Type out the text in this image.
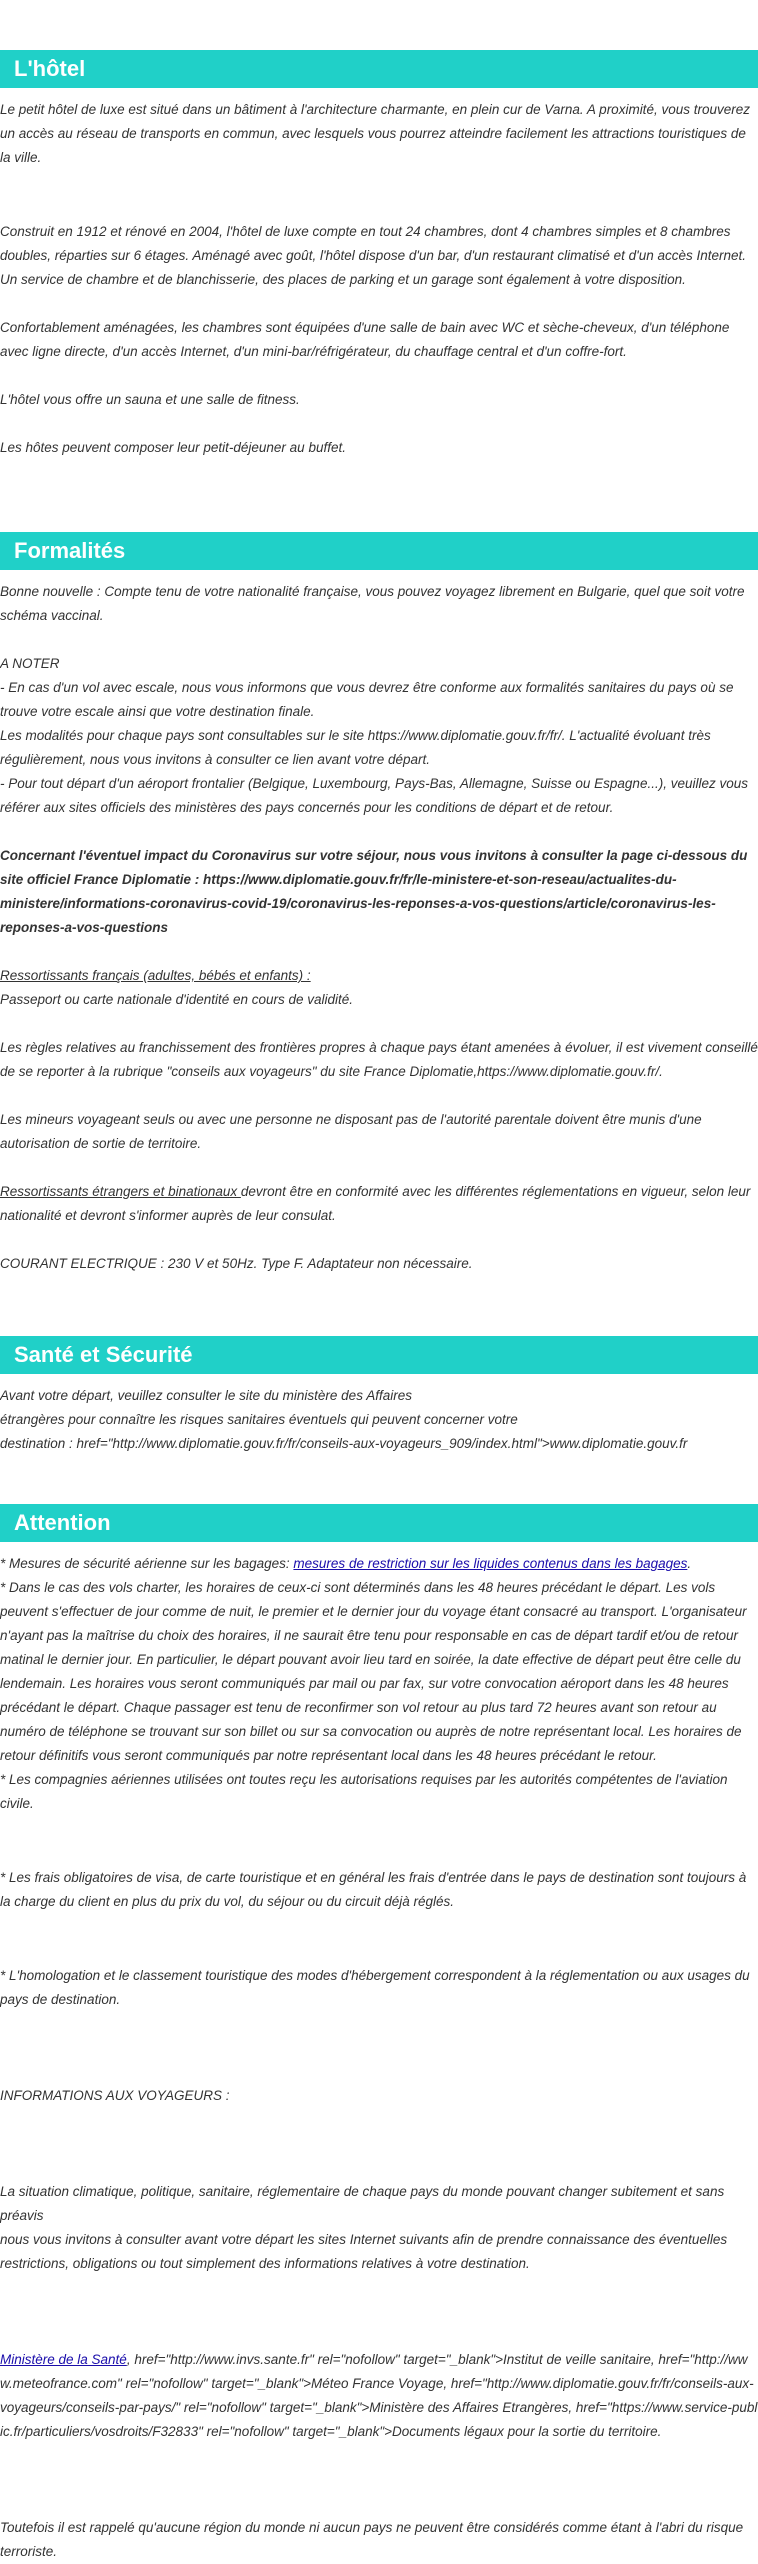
L'hôtel

Le petit hôtel de luxe est situé dans un bâtiment à l'architecture charmante, en plein cur de Varna. A proximité, vous trouverez un accès au réseau de transports en commun, avec lesquels vous pourrez atteindre facilement les attractions touristiques de la ville.

Construit en 1912 et rénové en 2004, l'hôtel de luxe compte en tout 24 chambres, dont 4 chambres simples et 8 chambres doubles, réparties sur 6 étages. Aménagé avec goût, l'hôtel dispose d'un bar, d'un restaurant climatisé et d'un accès Internet. Un service de chambre et de blanchisserie, des places de parking et un garage sont également à votre disposition.

Confortablement aménagées, les chambres sont équipées d'une salle de bain avec WC et sèche-cheveux, d'un téléphone avec ligne directe, d'un accès Internet, d'un mini-bar/réfrigérateur, du chauffage central et d'un coffre-fort.

L'hôtel vous offre un sauna et une salle de fitness.

Les hôtes peuvent composer leur petit-déjeuner au buffet.

Formalités

Bonne nouvelle : Compte tenu de votre nationalité française, vous pouvez voyagez librement en Bulgarie, quel que soit votre schéma vaccinal.

A NOTER
- En cas d'un vol avec escale, nous vous informons que vous devrez être conforme aux formalités sanitaires du pays où se trouve votre escale ainsi que votre destination finale.
Les modalités pour chaque pays sont consultables sur le site https://www.diplomatie.gouv.fr/fr/. L'actualité évoluant très régulièrement, nous vous invitons à consulter ce lien avant votre départ.

- Pour tout départ d'un aéroport frontalier (Belgique, Luxembourg, Pays-Bas, Allemagne, Suisse ou Espagne...), veuillez vous référer aux sites officiels des ministères des pays concernés pour les conditions de départ et de retour.

Concernant l'éventuel impact du Coronavirus sur votre séjour, nous vous invitons à consulter la page ci-dessous du site officiel France Diplomatie : https://www.diplomatie.gouv.fr/fr/le-ministere-et-son-reseau/actualites-du-ministere/informations-coronavirus-covid-19/coronavirus-les-reponses-a-vos-questions/article/coronavirus-les-reponses-a-vos-questions

Ressortissants français (adultes, bébés et enfants) :

Passeport ou carte nationale d'identité en cours de validité.

Les règles relatives au franchissement des frontières propres à chaque pays étant amenées à évoluer, il est vivement conseillé de se reporter à la rubrique "conseils aux voyageurs" du site France Diplomatie,https://www.diplomatie.gouv.fr/.

Les mineurs voyageant seuls ou avec une personne ne disposant pas de l'autorité parentale doivent être munis d'une autorisation de sortie de territoire.

Ressortissants étrangers et binationaux devront être en conformité avec les différentes réglementations en vigueur, selon leur nationalité et devront s'informer auprès de leur consulat.

COURANT ELECTRIQUE : 230 V et 50Hz. Type F. Adaptateur non nécessaire.

Santé et Sécurité
Avant votre départ, veuillez consulter le site du ministère des Affaires
étrangères pour connaître les risques sanitaires éventuels qui peuvent concerner votre
destination : href="http://www.diplomatie.gouv.fr/fr/conseils-aux-voyageurs_909/index.html">www.diplomatie.gouv.fr
Attention
* Mesures de sécurité aérienne sur les bagages: mesures de restriction sur les liquides contenus dans les bagages.
* Dans le cas des vols charter, les horaires de ceux-ci sont déterminés dans les 48 heures précédant le départ. Les vols peuvent s'effectuer de jour comme de nuit, le premier et le dernier jour du voyage étant consacré au transport. L'organisateur n'ayant pas la maîtrise du choix des horaires, il ne saurait être tenu pour responsable en cas de départ tardif et/ou de retour matinal le dernier jour. En particulier, le départ pouvant avoir lieu tard en soirée, la date effective de départ peut être celle du lendemain. Les horaires vous seront communiqués par mail ou par fax, sur votre convocation aéroport dans les 48 heures précédant le départ. Chaque passager est tenu de reconfirmer son vol retour au plus tard 72 heures avant son retour au numéro de téléphone se trouvant sur son billet ou sur sa convocation ou auprès de notre représentant local. Les horaires de retour définitifs vous seront communiqués par notre représentant local dans les 48 heures précédant le retour.

* Les compagnies aériennes utilisées ont toutes reçu les autorisations requises par les autorités compétentes de l'aviation civile.

* Les frais obligatoires de visa, de carte touristique et en général les frais d'entrée dans le pays de destination sont toujours à la charge du client en plus du prix du vol, du séjour ou du circuit déjà réglés.

* L'homologation et le classement touristique des modes d'hébergement correspondent à la réglementation ou aux usages du pays de destination.

INFORMATIONS AUX VOYAGEURS :

La situation climatique, politique, sanitaire, réglementaire de chaque pays du monde pouvant changer subitement et sans préavis

nous vous invitons à consulter avant votre départ les sites Internet suivants afin de prendre connaissance des éventuelles restrictions, obligations ou tout simplement des informations relatives à votre destination.

Ministère de la Santé, href="http://www.invs.sante.fr" rel="nofollow" target="_blank">Institut de veille sanitaire, href="http://www.meteofrance.com" rel="nofollow" target="_blank">Méteo France Voyage, href="http://www.diplomatie.gouv.fr/fr/conseils-aux-voyageurs/conseils-par-pays/" rel="nofollow" target="_blank">Ministère des Affaires Etrangères, href="https://www.service-public.fr/particuliers/vosdroits/F32833" rel="nofollow" target="_blank">Documents légaux pour la sortie du territoire.

Toutefois il est rappelé qu'aucune région du monde ni aucun pays ne peuvent être considérés comme étant à l'abri du risque terroriste.
